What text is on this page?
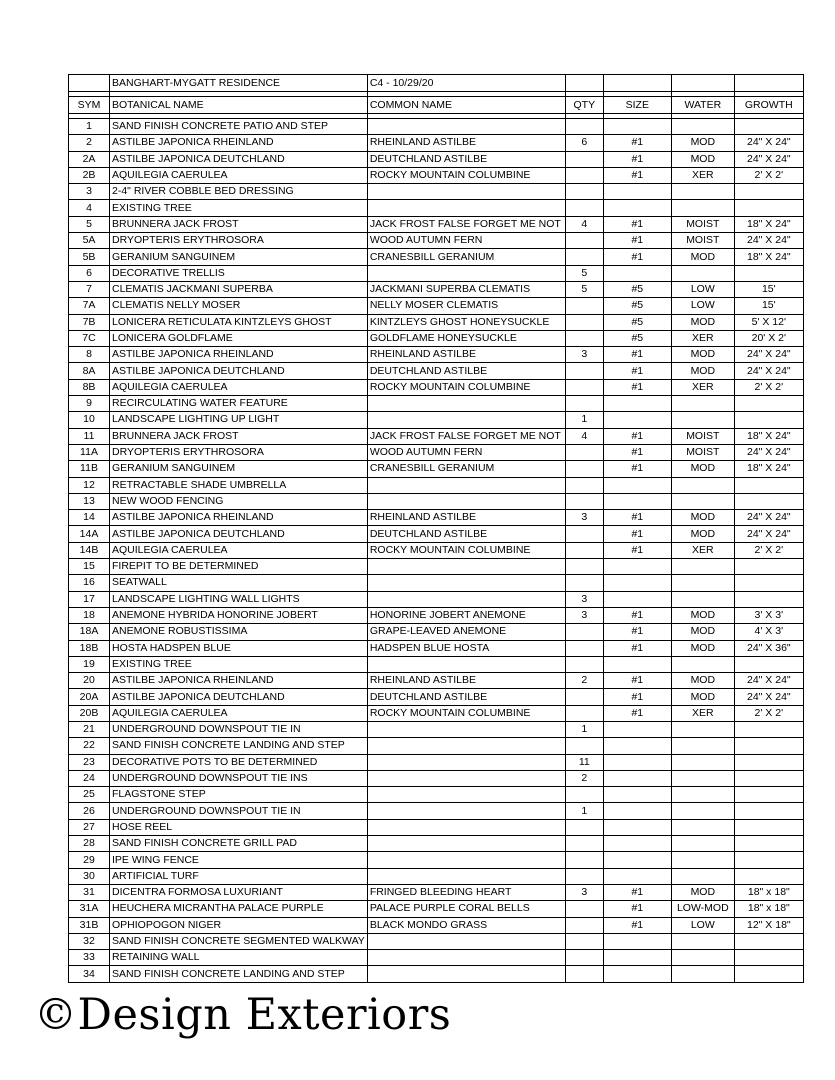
	BANGHART-MYGATT RESIDENCE	C4 - 10/29/20				

SYM	BOTANICAL NAME	COMMON NAME	QTY	SIZE	WATER	GROWTH

1	SAND FINISH CONCRETE PATIO AND STEP					
2	ASTILBE JAPONICA RHEINLAND	RHEINLAND ASTILBE	6	#1	MOD	24" X 24"
2A	ASTILBE JAPONICA DEUTCHLAND	DEUTCHLAND ASTILBE		#1	MOD	24" X 24"
2B	AQUILEGIA CAERULEA	ROCKY MOUNTAIN COLUMBINE		#1	XER	2' X 2'
3	2-4" RIVER COBBLE BED DRESSING					
4	EXISTING TREE					
5	BRUNNERA JACK FROST	JACK FROST FALSE FORGET ME NOT	4	#1	MOIST	18" X 24"
5A	DRYOPTERIS ERYTHROSORA	WOOD AUTUMN FERN		#1	MOIST	24" X 24"
5B	GERANIUM SANGUINEM	CRANESBILL GERANIUM		#1	MOD	18" X 24"
6	DECORATIVE TRELLIS		5			
7	CLEMATIS JACKMANI SUPERBA	JACKMANI SUPERBA CLEMATIS	5	#5	LOW	15'
7A	CLEMATIS NELLY MOSER	NELLY MOSER CLEMATIS		#5	LOW	15'
7B	LONICERA RETICULATA KINTZLEYS GHOST	KINTZLEYS GHOST HONEYSUCKLE		#5	MOD	5' X 12'
7C	LONICERA GOLDFLAME	GOLDFLAME HONEYSUCKLE		#5	XER	20' X 2'
8	ASTILBE JAPONICA RHEINLAND	RHEINLAND ASTILBE	3	#1	MOD	24" X 24"
8A	ASTILBE JAPONICA DEUTCHLAND	DEUTCHLAND ASTILBE		#1	MOD	24" X 24"
8B	AQUILEGIA CAERULEA	ROCKY MOUNTAIN COLUMBINE		#1	XER	2' X 2'
9	RECIRCULATING WATER FEATURE					
10	LANDSCAPE LIGHTING UP LIGHT		1			
11	BRUNNERA JACK FROST	JACK FROST FALSE FORGET ME NOT	4	#1	MOIST	18" X 24"
11A	DRYOPTERIS ERYTHROSORA	WOOD AUTUMN FERN		#1	MOIST	24" X 24"
11B	GERANIUM SANGUINEM	CRANESBILL GERANIUM		#1	MOD	18" X 24"
12	RETRACTABLE SHADE UMBRELLA					
13	NEW WOOD FENCING					
14	ASTILBE JAPONICA RHEINLAND	RHEINLAND ASTILBE	3	#1	MOD	24" X 24"
14A	ASTILBE JAPONICA DEUTCHLAND	DEUTCHLAND ASTILBE		#1	MOD	24" X 24"
14B	AQUILEGIA CAERULEA	ROCKY MOUNTAIN COLUMBINE		#1	XER	2' X 2'
15	FIREPIT TO BE DETERMINED					
16	SEATWALL					
17	LANDSCAPE LIGHTING WALL LIGHTS		3			
18	ANEMONE HYBRIDA HONORINE JOBERT	HONORINE JOBERT ANEMONE	3	#1	MOD	3' X 3'
18A	ANEMONE ROBUSTISSIMA	GRAPE-LEAVED ANEMONE		#1	MOD	4' X 3'
18B	HOSTA HADSPEN BLUE	HADSPEN BLUE HOSTA		#1	MOD	24" X 36"
19	EXISTING TREE					
20	ASTILBE JAPONICA RHEINLAND	RHEINLAND ASTILBE	2	#1	MOD	24" X 24"
20A	ASTILBE JAPONICA DEUTCHLAND	DEUTCHLAND ASTILBE		#1	MOD	24" X 24"
20B	AQUILEGIA CAERULEA	ROCKY MOUNTAIN COLUMBINE		#1	XER	2' X 2'
21	UNDERGROUND DOWNSPOUT TIE IN		1			
22	SAND FINISH CONCRETE LANDING AND STEP					
23	DECORATIVE POTS TO BE DETERMINED		11			
24	UNDERGROUND DOWNSPOUT TIE INS		2			
25	FLAGSTONE STEP					
26	UNDERGROUND DOWNSPOUT TIE IN		1			
27	HOSE REEL					
28	SAND FINISH CONCRETE GRILL PAD					
29	IPE WING FENCE					
30	ARTIFICIAL TURF					
31	DICENTRA FORMOSA LUXURIANT	FRINGED BLEEDING HEART	3	#1	MOD	18" x 18"
31A	HEUCHERA MICRANTHA PALACE PURPLE	PALACE PURPLE CORAL BELLS		#1	LOW-MOD	18" x 18"
31B	OPHIOPOGON NIGER	BLACK MONDO GRASS		#1	LOW	12" X 18"
32	SAND FINISH CONCRETE SEGMENTED WALKWAY					
33	RETAINING WALL					
34	SAND FINISH CONCRETE LANDING AND STEP					
©Design Exteriors
